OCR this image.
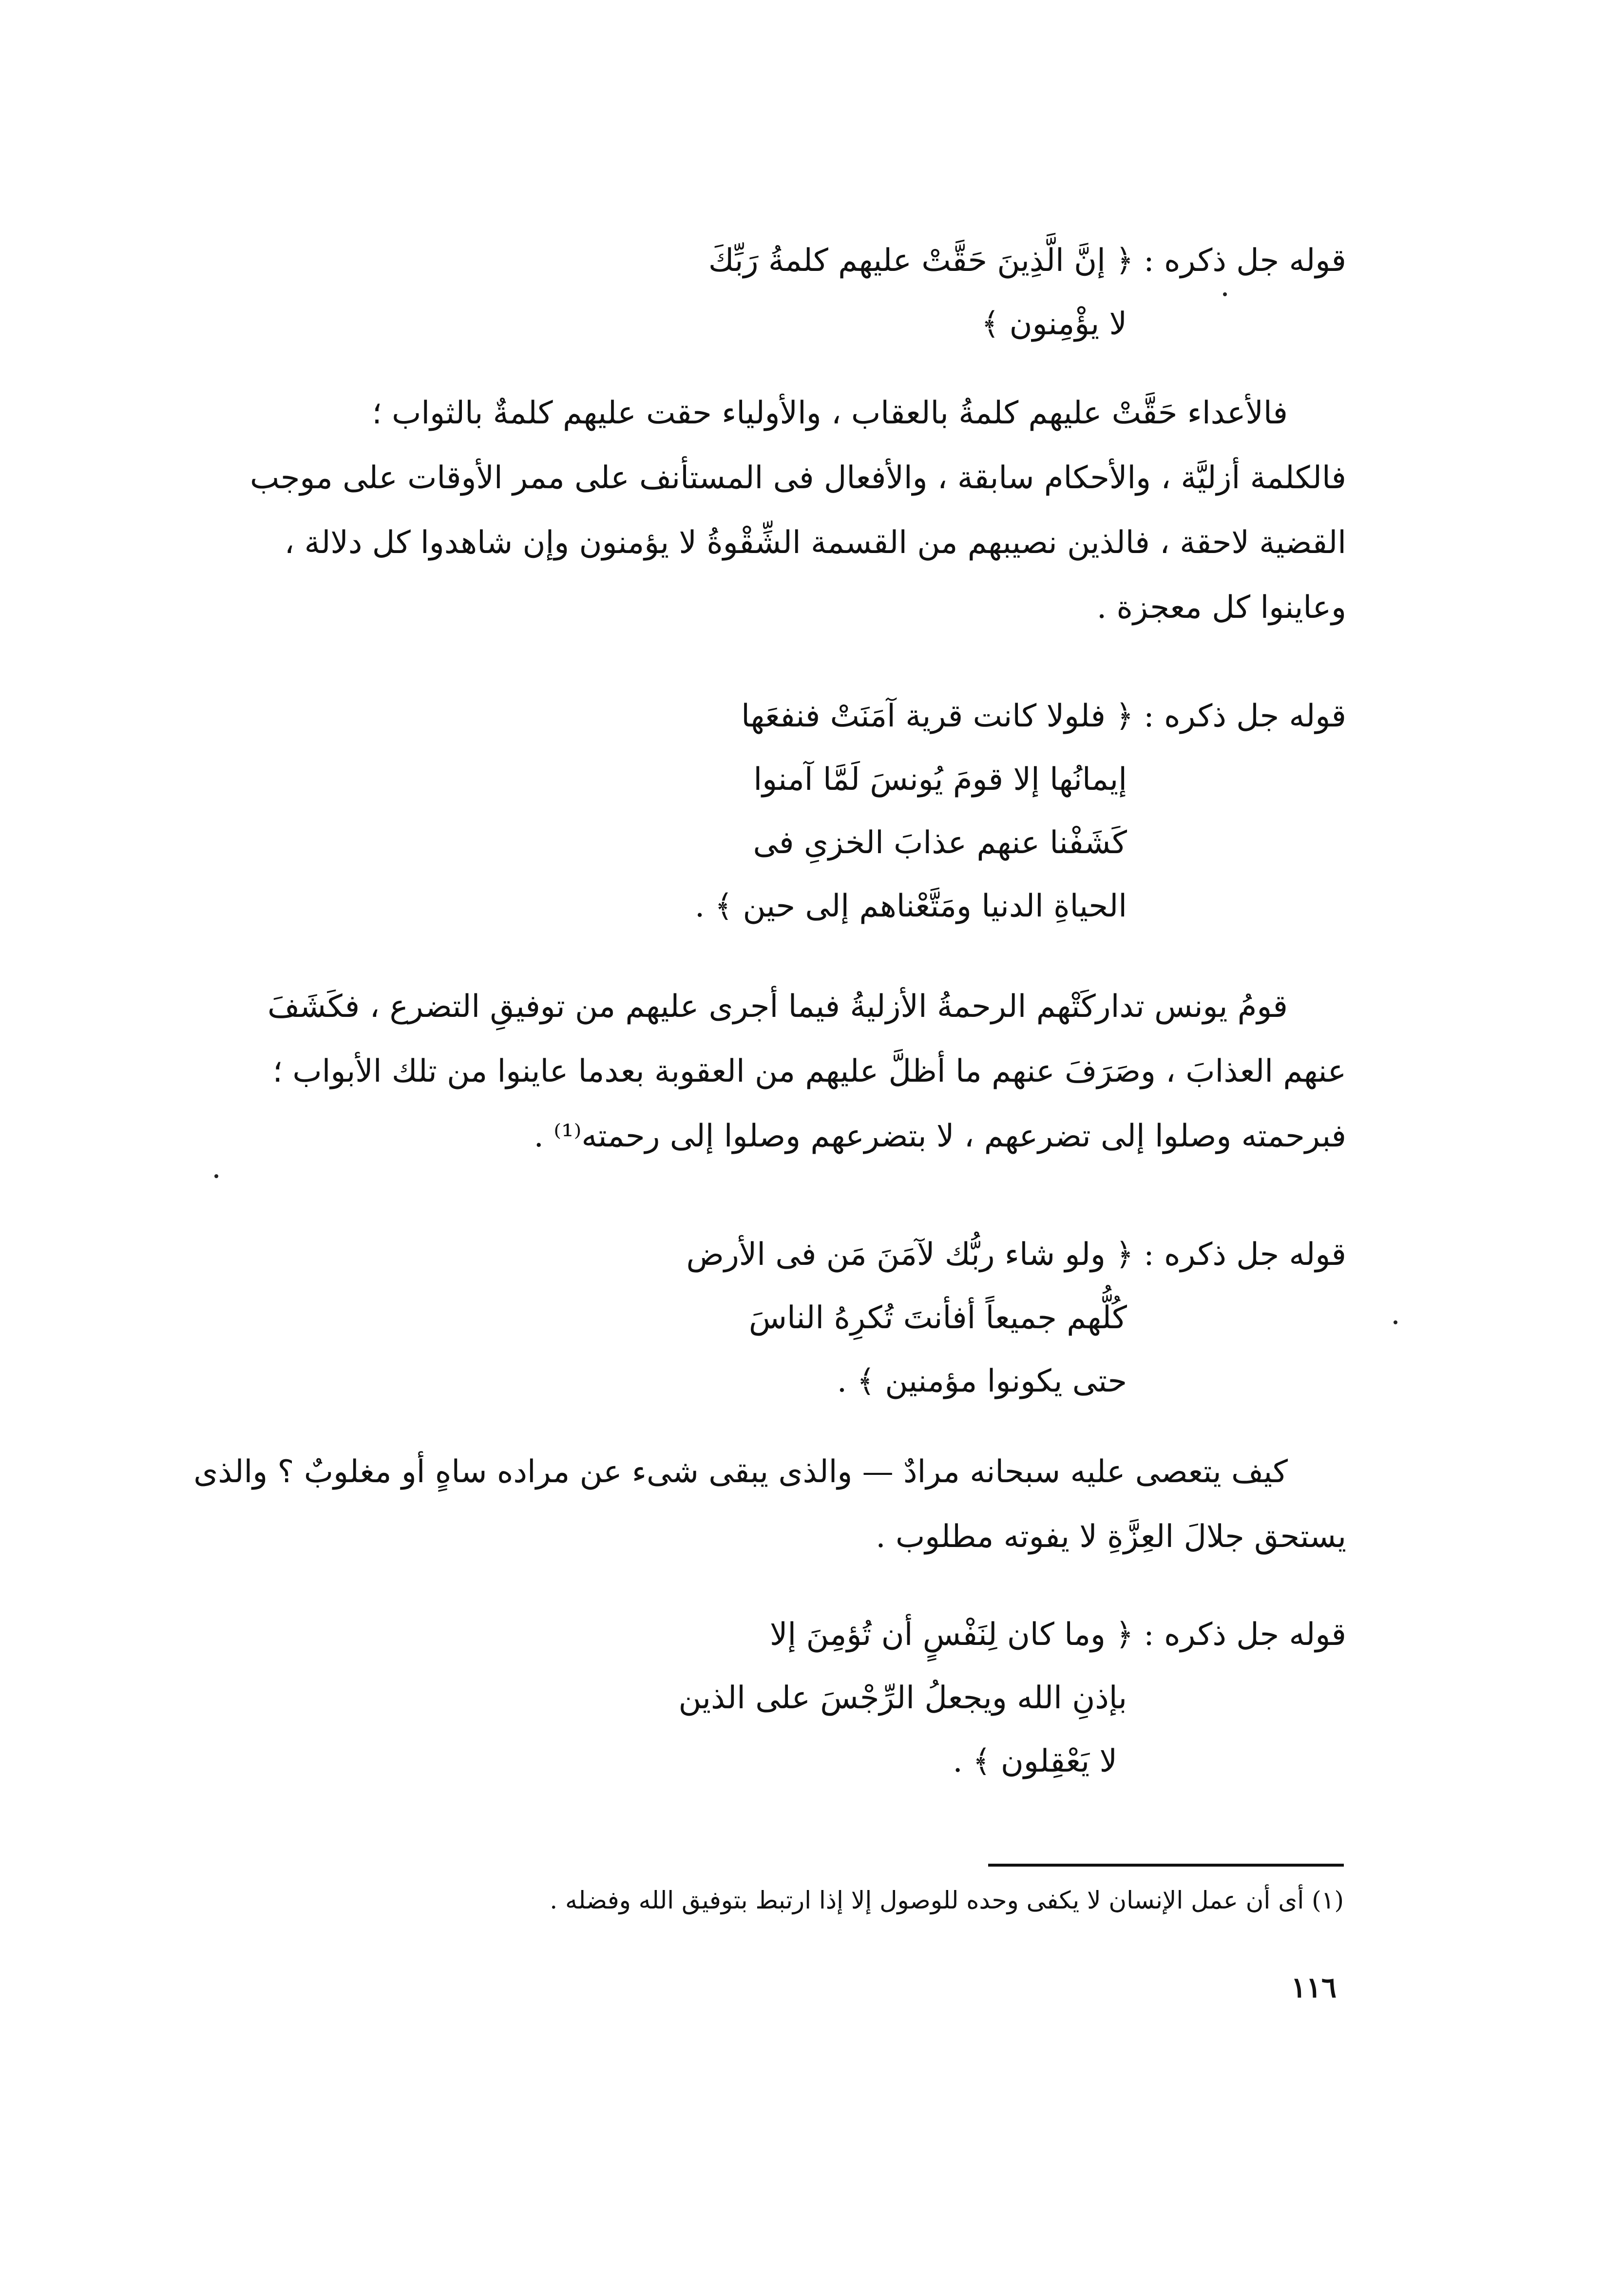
قوله جل ذكره : ﴿ إنَّ الَّذِينَ حَقَّتْ عليهم كلمةُ رَبِّكَ
لا يؤْمِنون ﴾
فالأعداء حَقَّتْ عليهم كلمةُ بالعقاب ، والأولياء حقت عليهم كلمةٌ بالثواب ؛
فالكلمة أزليَّة ، والأحكام سابقة ، والأفعال فى المستأنف على ممر الأوقات على موجب
القضية لاحقة ، فالذين نصيبهم من القسمة الشِّقْوةُ لا يؤمنون وإن شاهدوا كل دلالة ،
وعاينوا كل معجزة .
قوله جل ذكره : ﴿ فلولا كانت قرية آمَنَتْ فنفعَها
إيمانُها إلا قومَ يُونسَ لَمَّا آمنوا
كَشَفْنا عنهم عذابَ الخزىِ فى
الحياةِ الدنيا ومَتَّعْناهم إلى حين ﴾ .
قومُ يونس تداركَتْهم الرحمةُ الأزليةُ فيما أجرى عليهم من توفيقِ التضرع ، فكَشَفَ
عنهم العذابَ ، وصَرَفَ عنهم ما أظلَّ عليهم من العقوبة بعدما عاينوا من تلك الأبواب ؛
فبرحمته وصلوا إلى تضرعهم ، لا بتضرعهم وصلوا إلى رحمته⁽¹⁾ .
قوله جل ذكره : ﴿ ولو شاء ربُّك لآمَنَ مَن فى الأرض
كُلُّهم جميعاً أفأنتَ تُكرِهُ الناسَ
حتى يكونوا مؤمنين ﴾ .
كيف يتعصى عليه سبحانه مرادٌ — والذى يبقى شىء عن مراده ساهٍ أو مغلوبٌ ؟ والذى
يستحق جلالَ العِزَّةِ لا يفوته مطلوب .
قوله جل ذكره : ﴿ وما كان لِنَفْسٍ أن تُؤمِنَ إلا
بإذنِ الله ويجعلُ الرِّجْسَ على الذين
لا يَعْقِلون ﴾ .
(١) أى أن عمل الإنسان لا يكفى وحده للوصول إلا إذا ارتبط بتوفيق الله وفضله .
١١٦
